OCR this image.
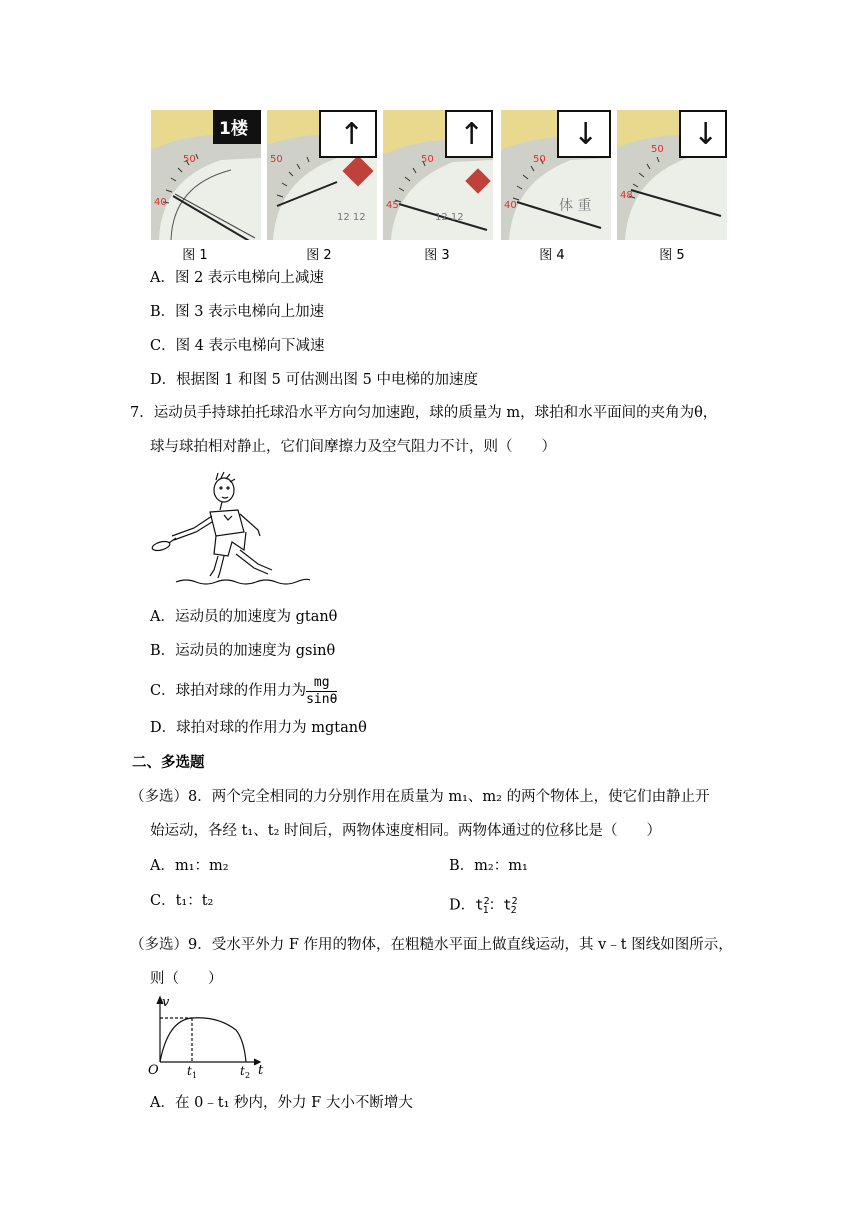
1楼
50
40
图 1
12 12
↑
50
图 2
12 12
↑
50
45
图 3
体 重
↓
50
40
图 4
↓
50
48
图 5
A．图 2 表示电梯向上减速
B．图 3 表示电梯向上加速
C．图 4 表示电梯向下减速
D．根据图 1 和图 5 可估测出图 5 中电梯的加速度
7．运动员手持球拍托球沿水平方向匀加速跑，球的质量为 m，球拍和水平面间的夹角为θ，
球与球拍相对静止，它们间摩擦力及空气阻力不计，则（　　）
A．运动员的加速度为 gtanθ
B．运动员的加速度为 gsinθ
C．球拍对球的作用力为 $\frac{mg}{\sin\theta}$
D．球拍对球的作用力为 mgtanθ
二、多选题
（多选）8．两个完全相同的力分别作用在质量为 m₁、m₂ 的两个物体上，使它们由静止开
始运动，各经 t₁、t₂ 时间后，两物体速度相同。两物体通过的位移比是（　　）
A．m₁：m₂	B．m₂：m₁
C．t₁：t₂	D．$t^2_1$：$t^2_2$
（多选）9．受水平外力 F 作用的物体，在粗糙水平面上做直线运动，其 v﹣t 图线如图所示，
则（　　）
v
t
O t 1	t 2
A．在 0﹣t₁ 秒内，外力 F 大小不断增大
